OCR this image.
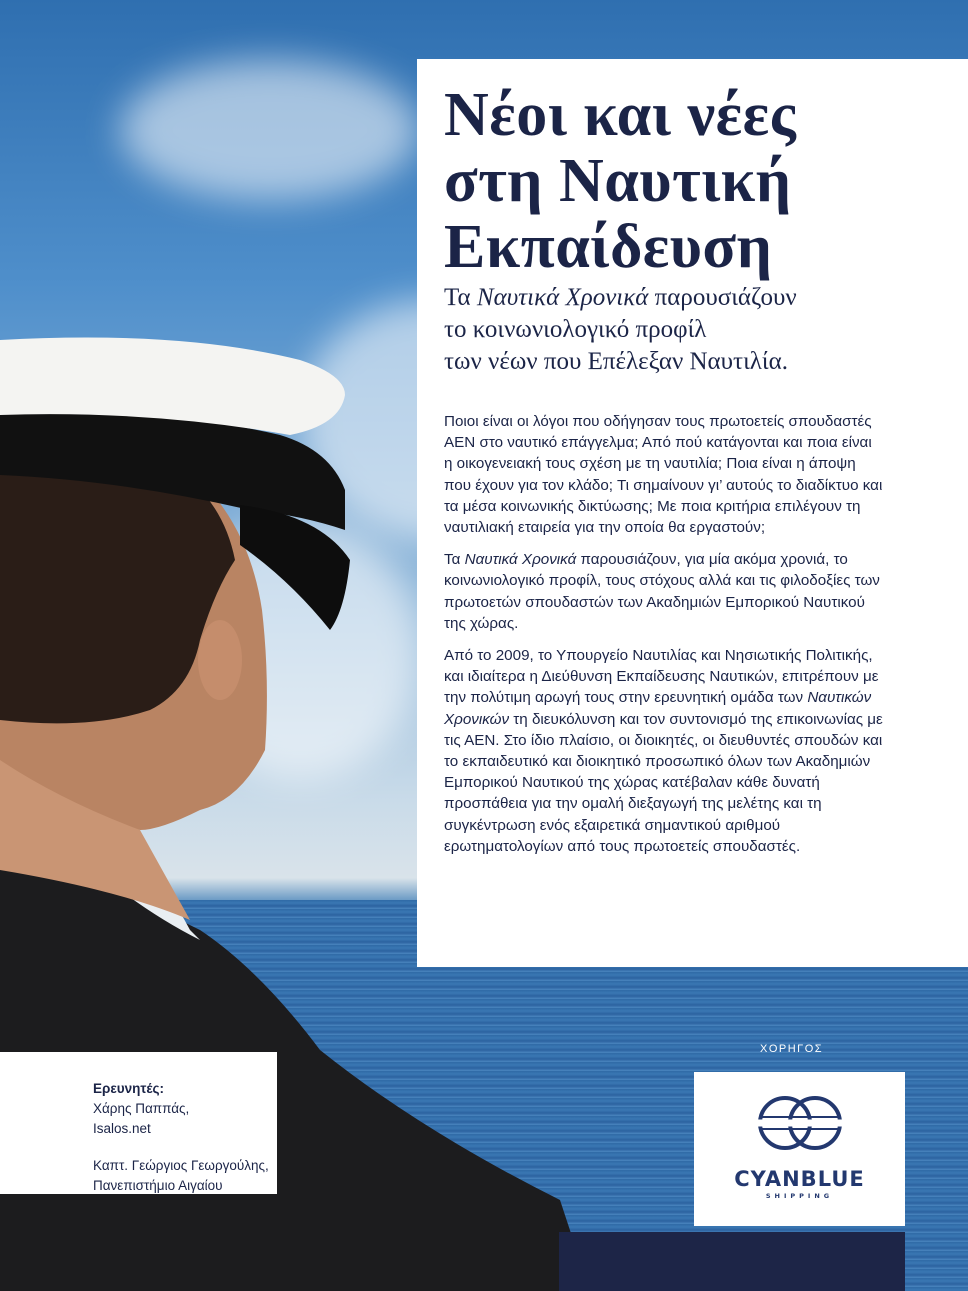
Νέοι και νέες
στη Ναυτική
Εκπαίδευση

Τα Ναυτικά Χρονικά παρουσιάζουν
το κοινωνιολογικό προφίλ
των νέων που Επέλεξαν Ναυτιλία.

Ποιοι είναι οι λόγοι που οδήγησαν τους πρωτοετείς σπουδαστές ΑΕΝ στο ναυτικό επάγγελμα; Από πού κατάγονται και ποια είναι η οικογενειακή τους σχέση με τη ναυτιλία; Ποια είναι η άποψη που έχουν για τον κλάδο; Τι σημαίνουν γι’ αυτούς το διαδίκτυο και τα μέσα κοινωνικής δικτύωσης; Με ποια κριτήρια επιλέγουν τη ναυτιλιακή εταιρεία για την οποία θα εργαστούν;

Τα Ναυτικά Χρονικά παρουσιάζουν, για μία ακόμα χρονιά, το κοινωνιολογικό προφίλ, τους στόχους αλλά και τις φιλοδοξίες των πρωτοετών σπουδαστών των Ακαδημιών Εμπορικού Ναυτικού της χώρας.

Από το 2009, το Υπουργείο Ναυτιλίας και Νησιωτικής Πολιτικής, και ιδιαίτερα η Διεύθυνση Εκπαίδευσης Ναυτικών, επιτρέπουν με την πολύτιμη αρωγή τους στην ερευνητική ομάδα των Ναυτικών Χρονικών τη διευκόλυνση και τον συντονισμό της επικοινωνίας με τις ΑΕΝ. Στο ίδιο πλαίσιο, οι διοικητές, οι διευθυντές σπουδών και το εκπαιδευτικό και διοικητικό προσωπικό όλων των Ακαδημιών Εμπορικού Ναυτικού της χώρας κατέβαλαν κάθε δυνατή προσπάθεια για την ομαλή διεξαγωγή της μελέτης και τη συγκέντρωση ενός εξαιρετικά σημαντικού αριθμού ερωτηματολογίων από τους πρωτοετείς σπουδαστές.

Ερευνητές:
Χάρης Παππάς,
Isalos.net

Καπτ. Γεώργιος Γεωργούλης,
Πανεπιστήμιο Αιγαίου

ΧΟΡΗΓΟΣ
CYANBLUE
SHIPPING
